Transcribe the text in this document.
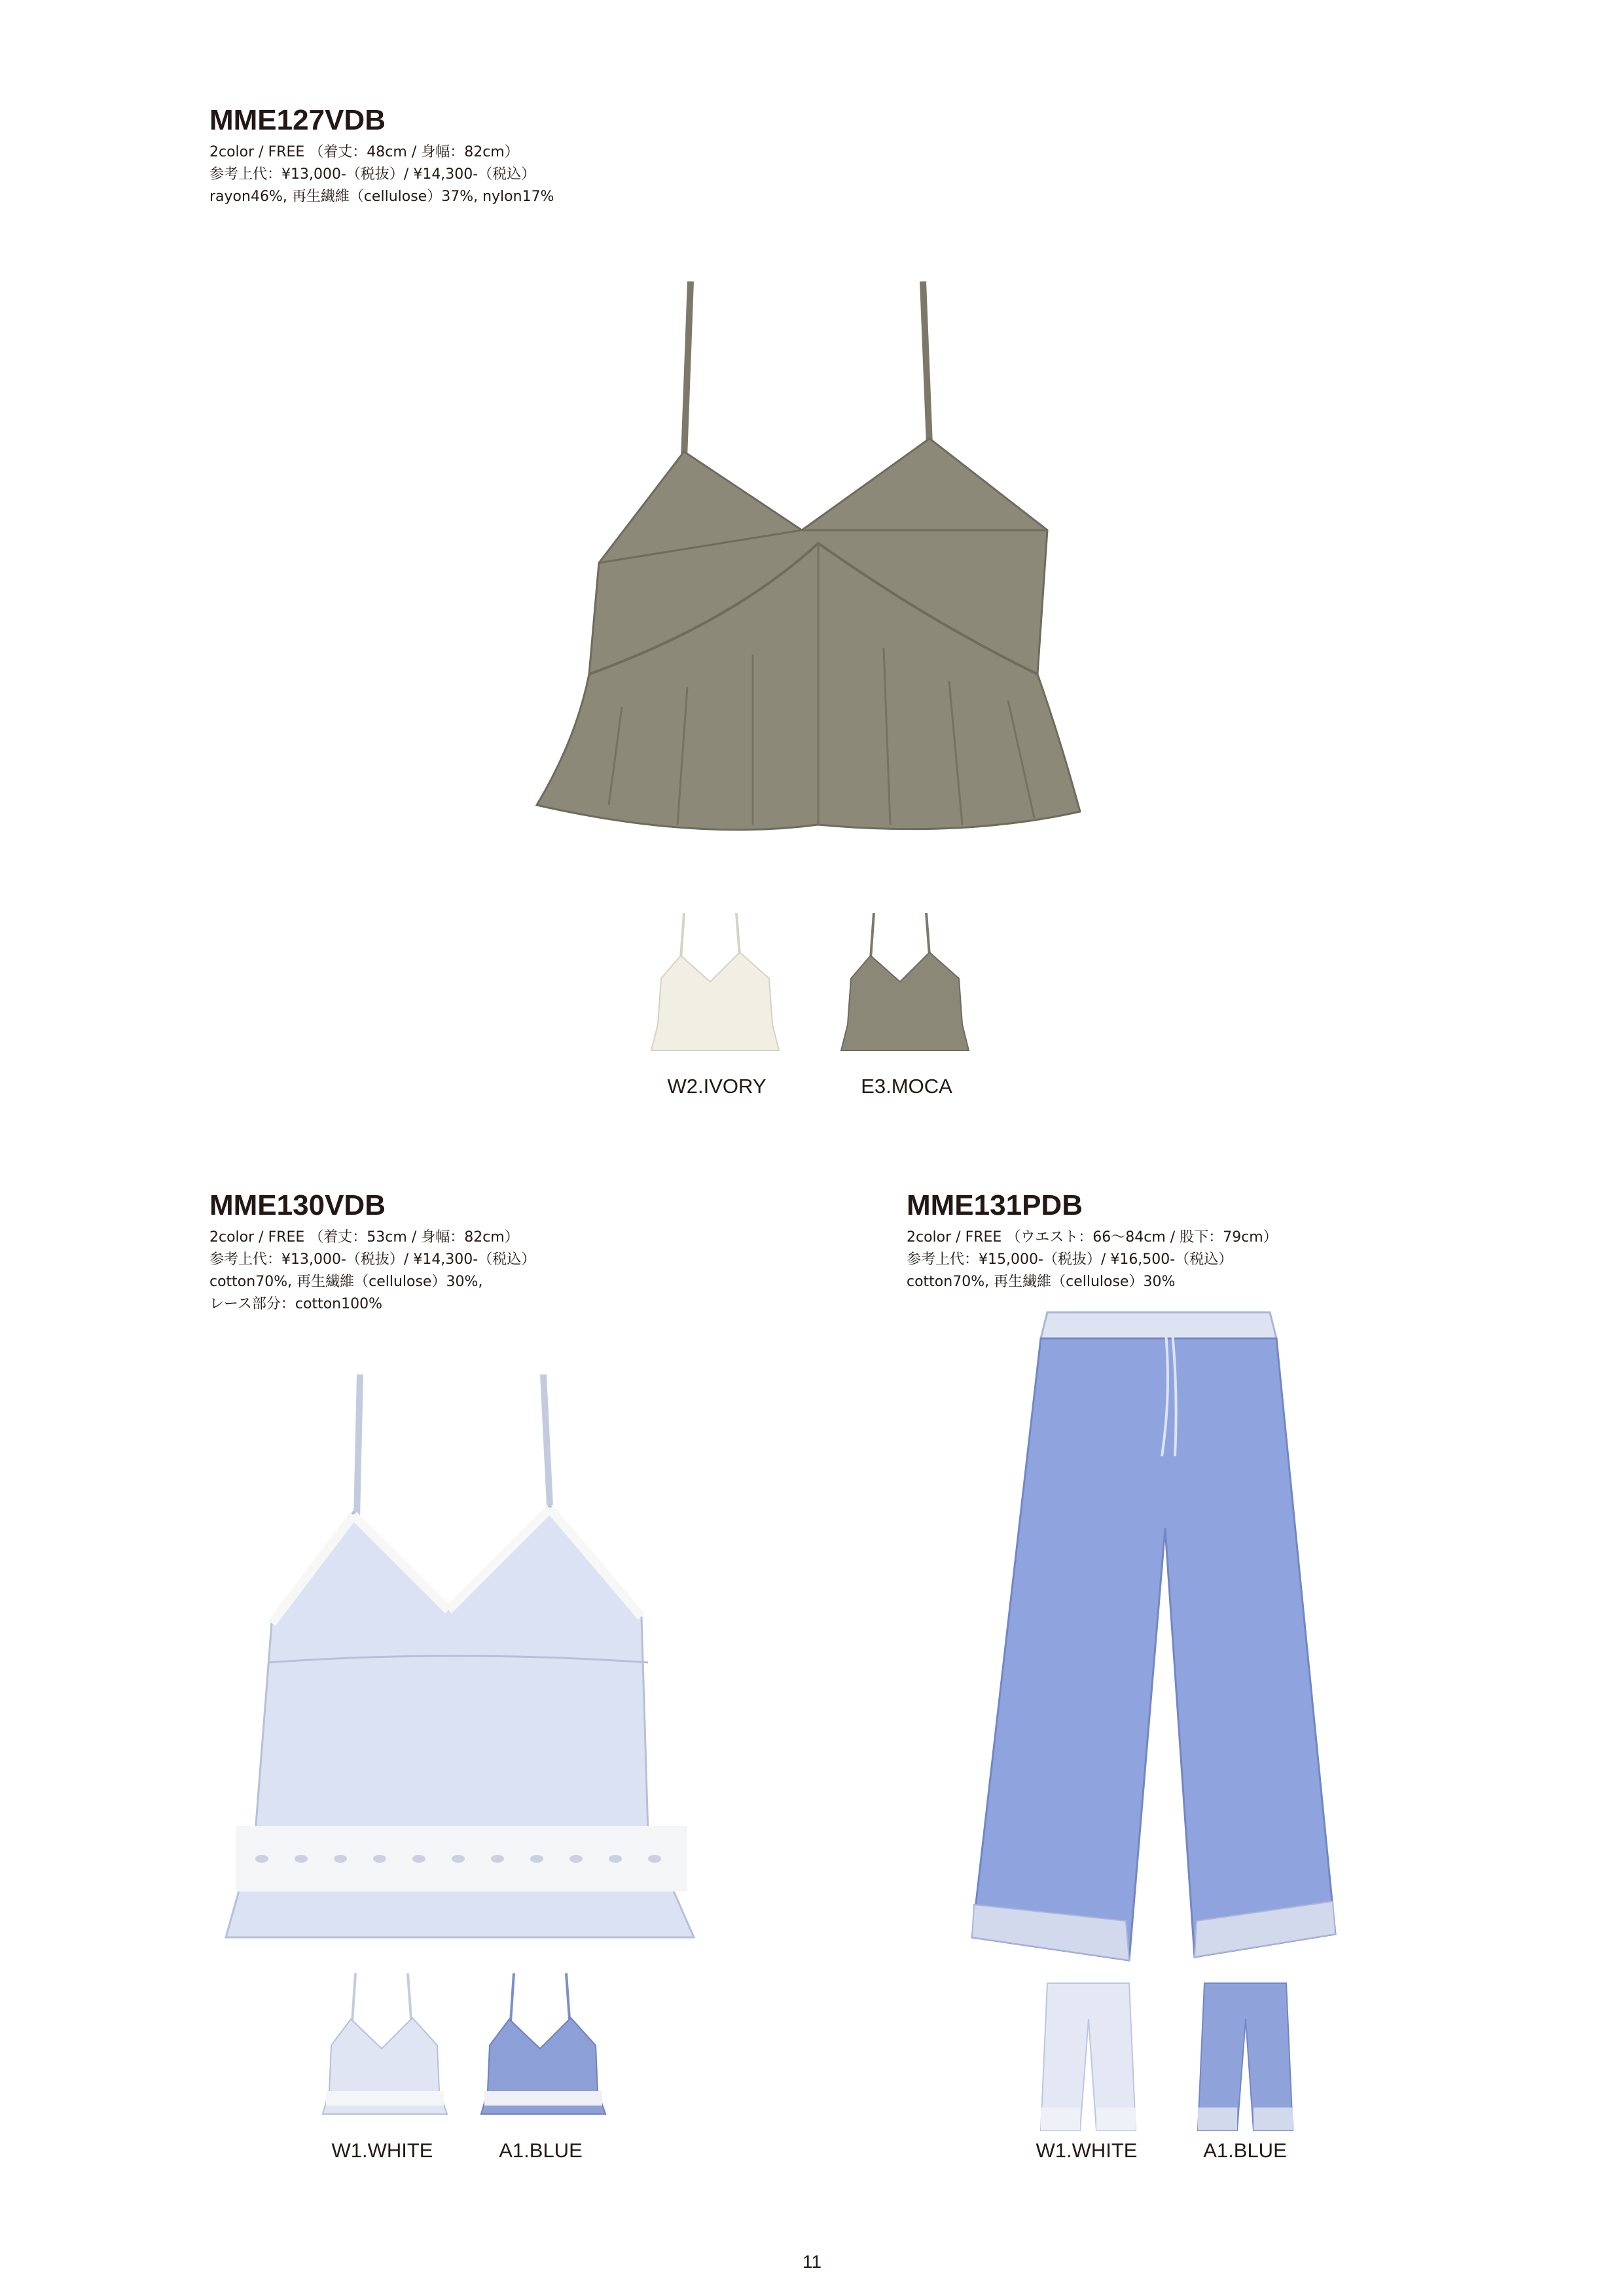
MME127VDB

2color / FREE （着丈：48cm / 身幅：82cm）

参考上代：¥13,000-（税抜）/ ¥14,300-（税込）

rayon46%, 再生繊維（cellulose）37%, nylon17%

W2.IVORY	E3.MOCA
MME130VDB

2color / FREE （着丈：53cm / 身幅：82cm）

参考上代：¥13,000-（税抜）/ ¥14,300-（税込）

cotton70%, 再生繊維（cellulose）30%,

レース部分：cotton100%

W1.WHITE	A1.BLUE
MME131PDB

2color / FREE （ウエスト：66〜84cm / 股下：79cm）

参考上代：¥15,000-（税抜）/ ¥16,500-（税込）

cotton70%, 再生繊維（cellulose）30%

W1.WHITE	A1.BLUE
11
